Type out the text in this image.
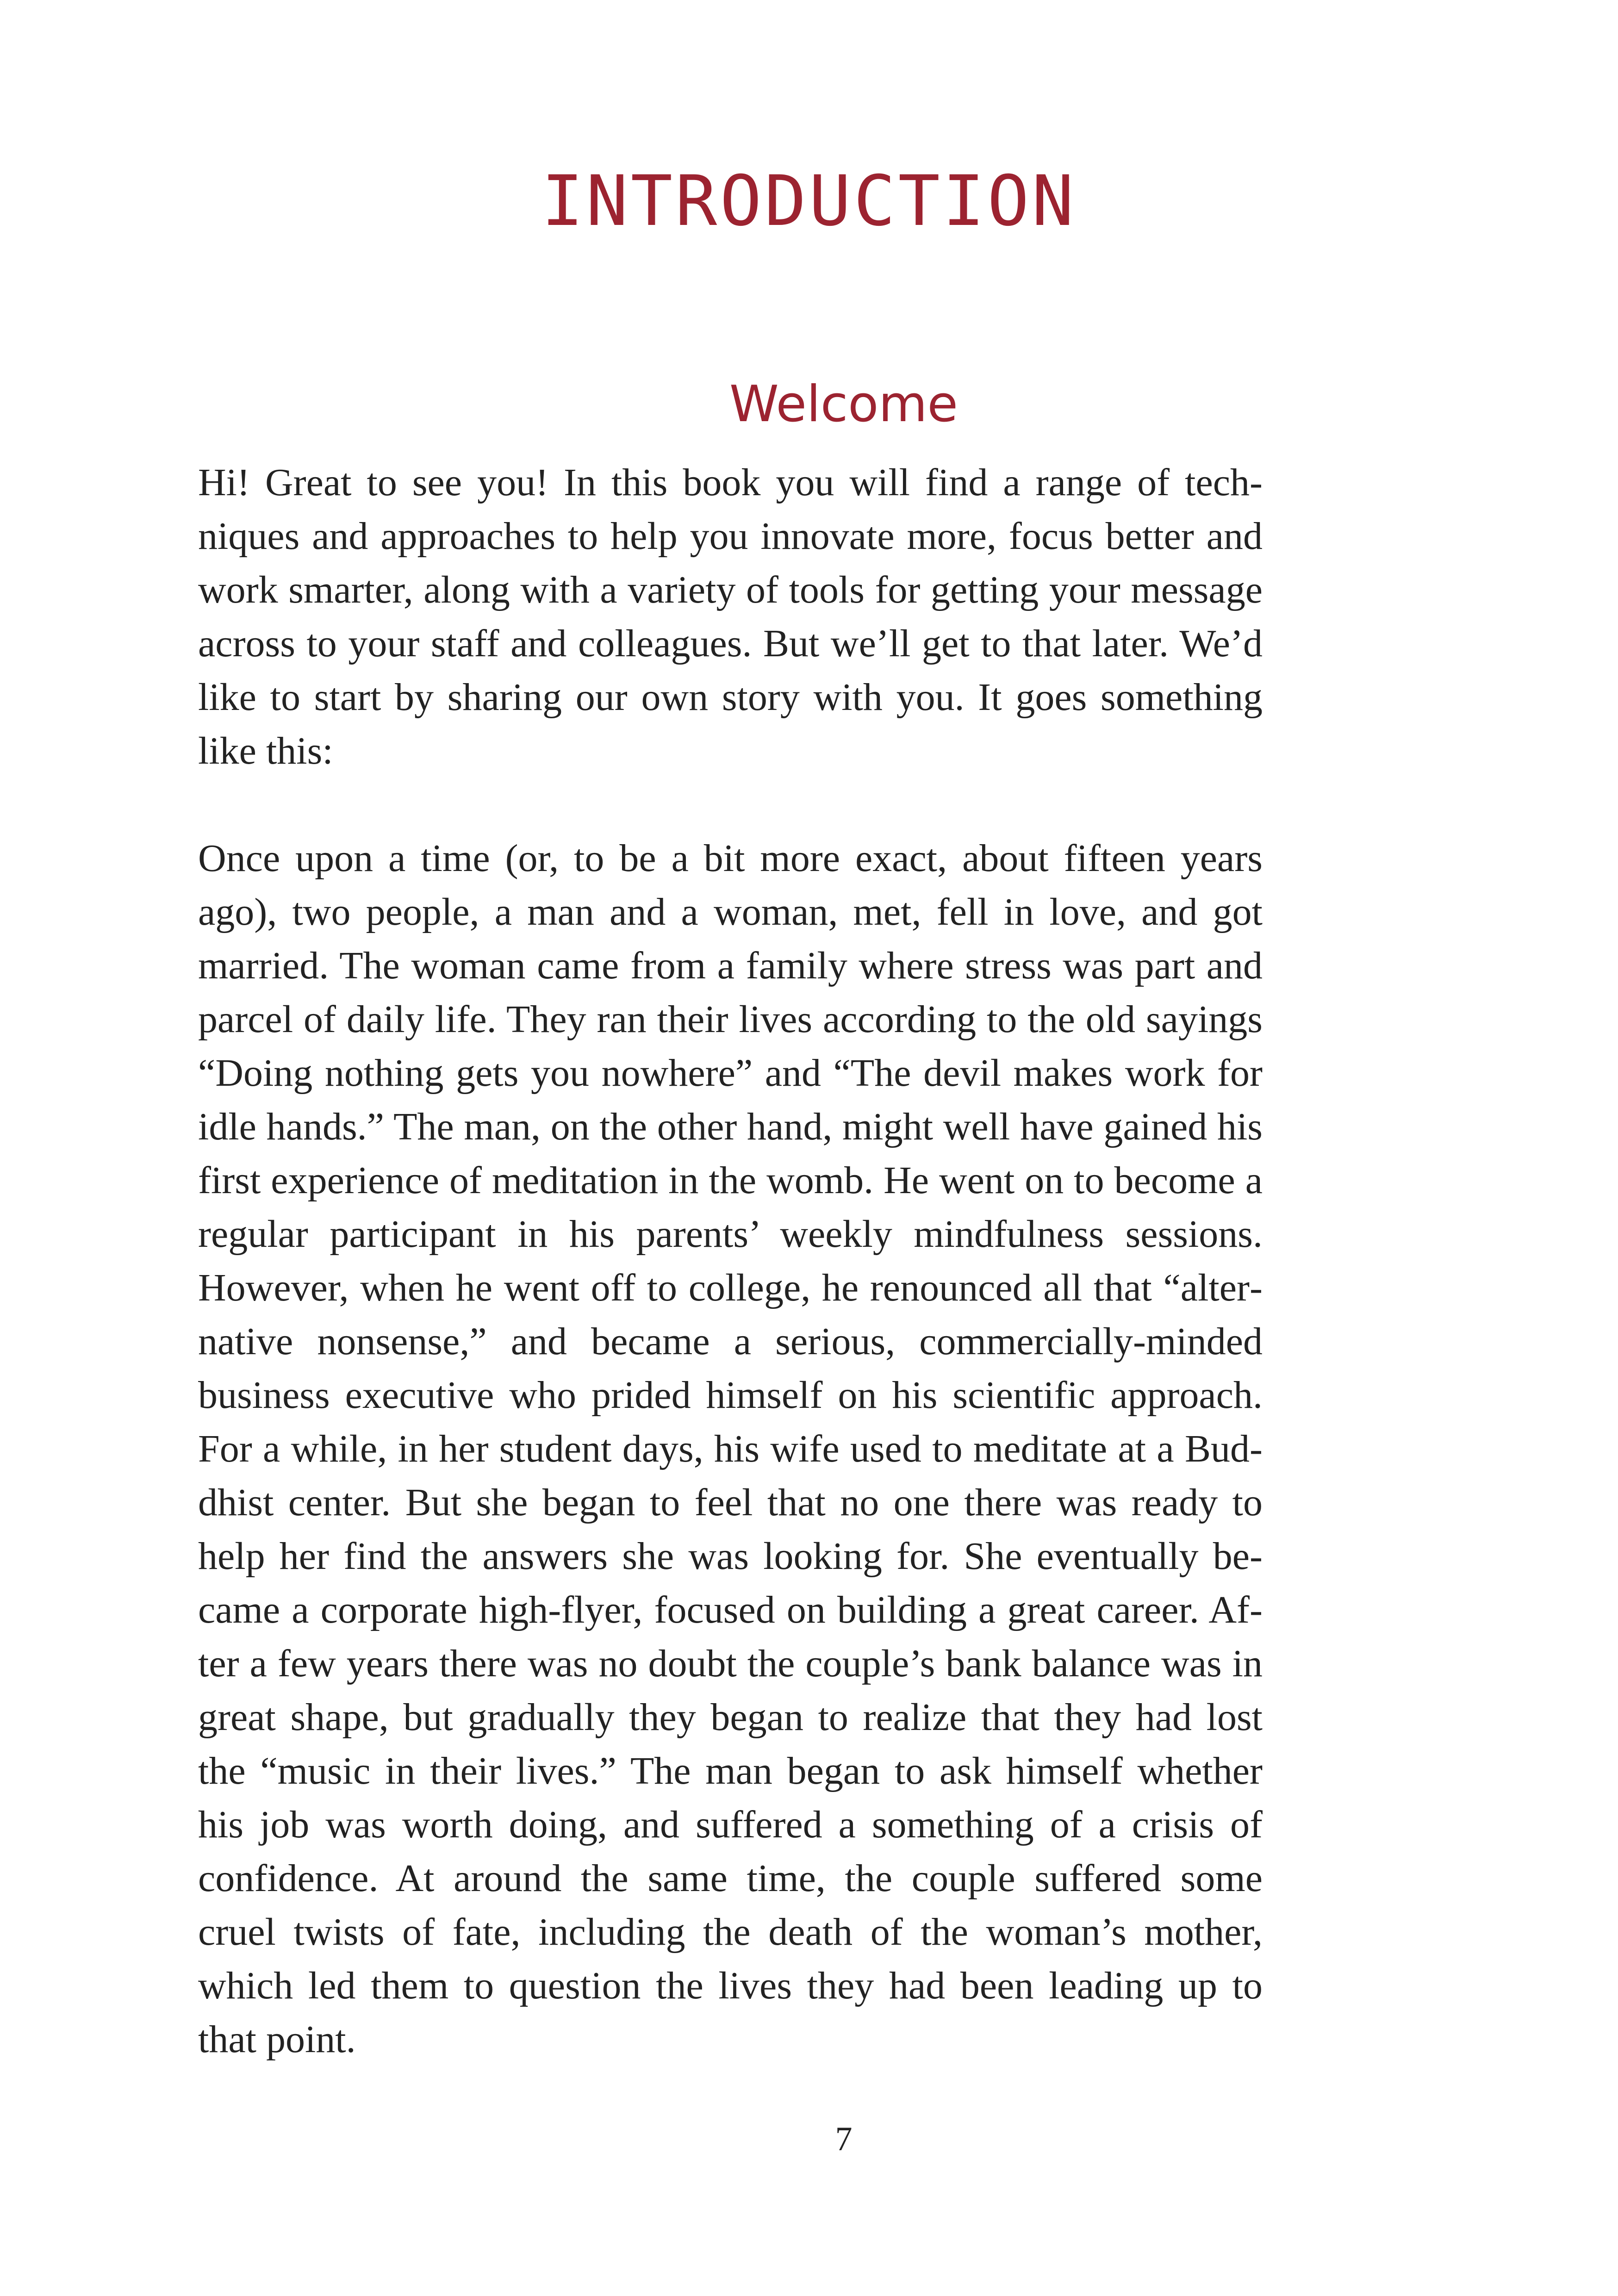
INTRODUCTION
Welcome

Hi! Great to see you! In this book you will find a range of techniques and approaches to help you innovate more, focus better and work smarter, along with a variety of tools for getting your message across to your staff and colleagues. But we’ll get to that later. We’d like to start by sharing our own story with you. It goes something like this:

Once upon a time (or, to be a bit more exact, about fifteen years ago), two people, a man and a woman, met, fell in love, and got married. The woman came from a family where stress was part and parcel of daily life. They ran their lives according to the old sayings “Doing nothing gets you nowhere” and “The devil makes work for idle hands.” The man, on the other hand, might well have gained his first experience of meditation in the womb. He went on to become a regular participant in his parents’ weekly mindfulness sessions. However, when he went off to college, he renounced all that “alternative nonsense,” and became a serious, commercially-minded business executive who prided himself on his scientific approach. For a while, in her student days, his wife used to meditate at a Buddhist center. But she began to feel that no one there was ready to help her find the answers she was looking for. She eventually became a corporate high-flyer, focused on building a great career. After a few years there was no doubt the couple’s bank balance was in great shape, but gradually they began to realize that they had lost the “music in their lives.” The man began to ask himself whether his job was worth doing, and suffered a something of a crisis of confidence. At around the same time, the couple suffered some cruel twists of fate, including the death of the woman’s mother, which led them to question the lives they had been leading up to that point.

7
